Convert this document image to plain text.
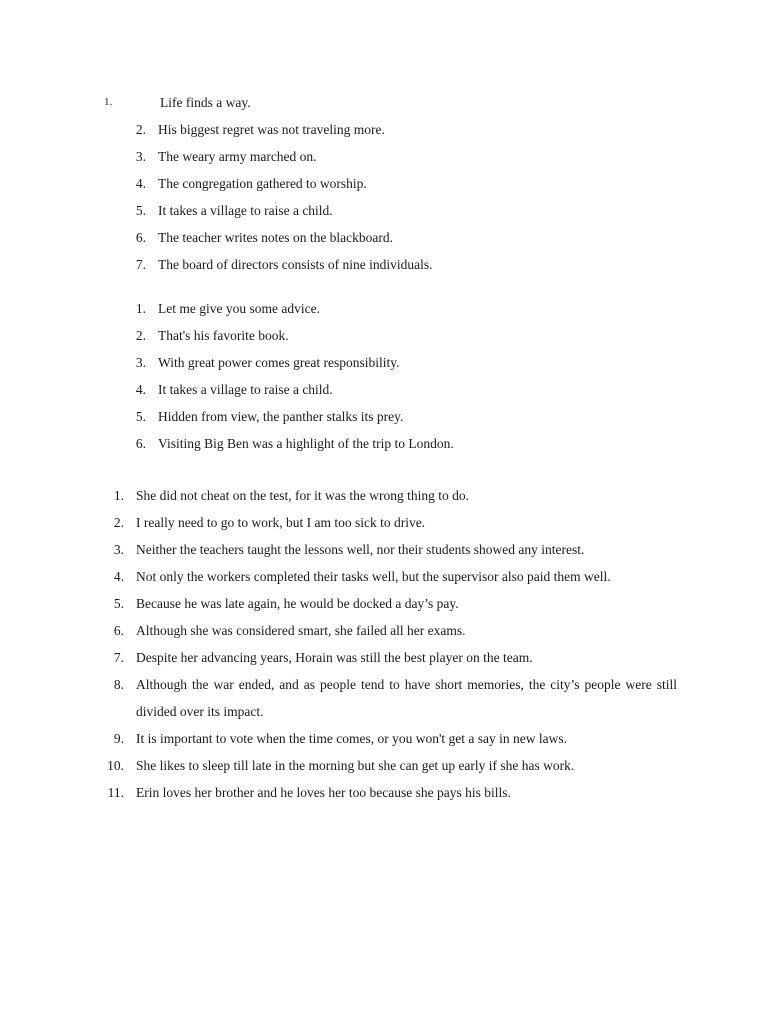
1.	Life finds a way.
2. His biggest regret was not traveling more.
3. The weary army marched on.
4. The congregation gathered to worship.
5. It takes a village to raise a child.
6. The teacher writes notes on the blackboard.
7. The board of directors consists of nine individuals.
1. Let me give you some advice.
2. That's his favorite book.
3. With great power comes great responsibility.
4. It takes a village to raise a child.
5. Hidden from view, the panther stalks its prey.
6. Visiting Big Ben was a highlight of the trip to London.
1. She did not cheat on the test, for it was the wrong thing to do.
2. I really need to go to work, but I am too sick to drive.
3. Neither the teachers taught the lessons well, nor their students showed any interest.
4. Not only the workers completed their tasks well, but the supervisor also paid them well.
5. Because he was late again, he would be docked a day’s pay.
6. Although she was considered smart, she failed all her exams.
7. Despite her advancing years, Horain was still the best player on the team.
8. Although the war ended, and as people tend to have short memories, the city’s people were still divided over its impact.
9. It is important to vote when the time comes, or you won't get a say in new laws.
10. She likes to sleep till late in the morning but she can get up early if she has work.
11. Erin loves her brother and he loves her too because she pays his bills.
